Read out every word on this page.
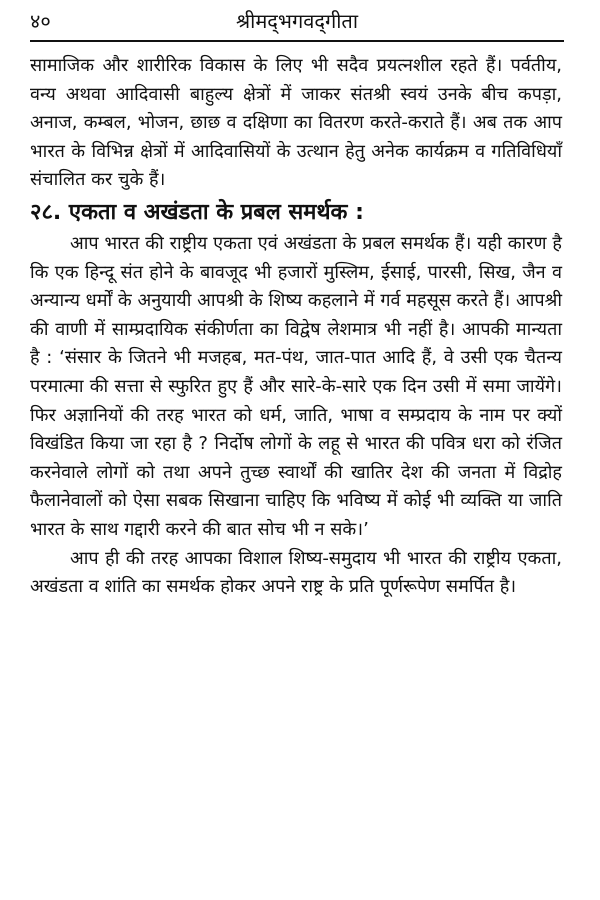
४०	श्रीमद्‌भगवद्‌गीता

सामाजिक और शारीरिक विकास के लिए भी सदैव प्रयत्नशील रहते हैं। पर्वतीय, वन्य अथवा आदिवासी बाहुल्य क्षेत्रों में जाकर संतश्री स्वयं उनके बीच कपड़ा, अनाज, कम्बल, भोजन, छाछ व दक्षिणा का वितरण करते-कराते हैं। अब तक आप भारत के विभिन्न क्षेत्रों में आदिवासियों के उत्थान हेतु अनेक कार्यक्रम व गतिविधियाँ संचालित कर चुके हैं।

२८. एकता व अखंडता के प्रबल समर्थक :

आप भारत की राष्ट्रीय एकता एवं अखंडता के प्रबल समर्थक हैं। यही कारण है कि एक हिन्दू संत होने के बावजूद भी हजारों मुस्लिम, ईसाई, पारसी, सिख, जैन व अन्यान्य धर्मों के अनुयायी आपश्री के शिष्य कहलाने में गर्व महसूस करते हैं। आपश्री की वाणी में साम्प्रदायिक संकीर्णता का विद्वेष लेशमात्र भी नहीं है। आपकी मान्यता है : ‘संसार के जितने भी मजहब, मत-पंथ, जात-पात आदि हैं, वे उसी एक चैतन्य परमात्मा की सत्ता से स्फुरित हुए हैं और सारे-के-सारे एक दिन उसी में समा जायेंगे। फिर अज्ञानियों की तरह भारत को धर्म, जाति, भाषा व सम्प्रदाय के नाम पर क्यों विखंडित किया जा रहा है ? निर्दोष लोगों के लहू से भारत की पवित्र धरा को रंजित करनेवाले लोगों को तथा अपने तुच्छ स्वार्थों की खातिर देश की जनता में विद्रोह फैलानेवालों को ऐसा सबक सिखाना चाहिए कि भविष्य में कोई भी व्यक्ति या जाति भारत के साथ गद्दारी करने की बात सोच भी न सके।’

आप ही की तरह आपका विशाल शिष्य-समुदाय भी भारत की राष्ट्रीय एकता, अखंडता व शांति का समर्थक होकर अपने राष्ट्र के प्रति पूर्णरूपेण समर्पित है।
